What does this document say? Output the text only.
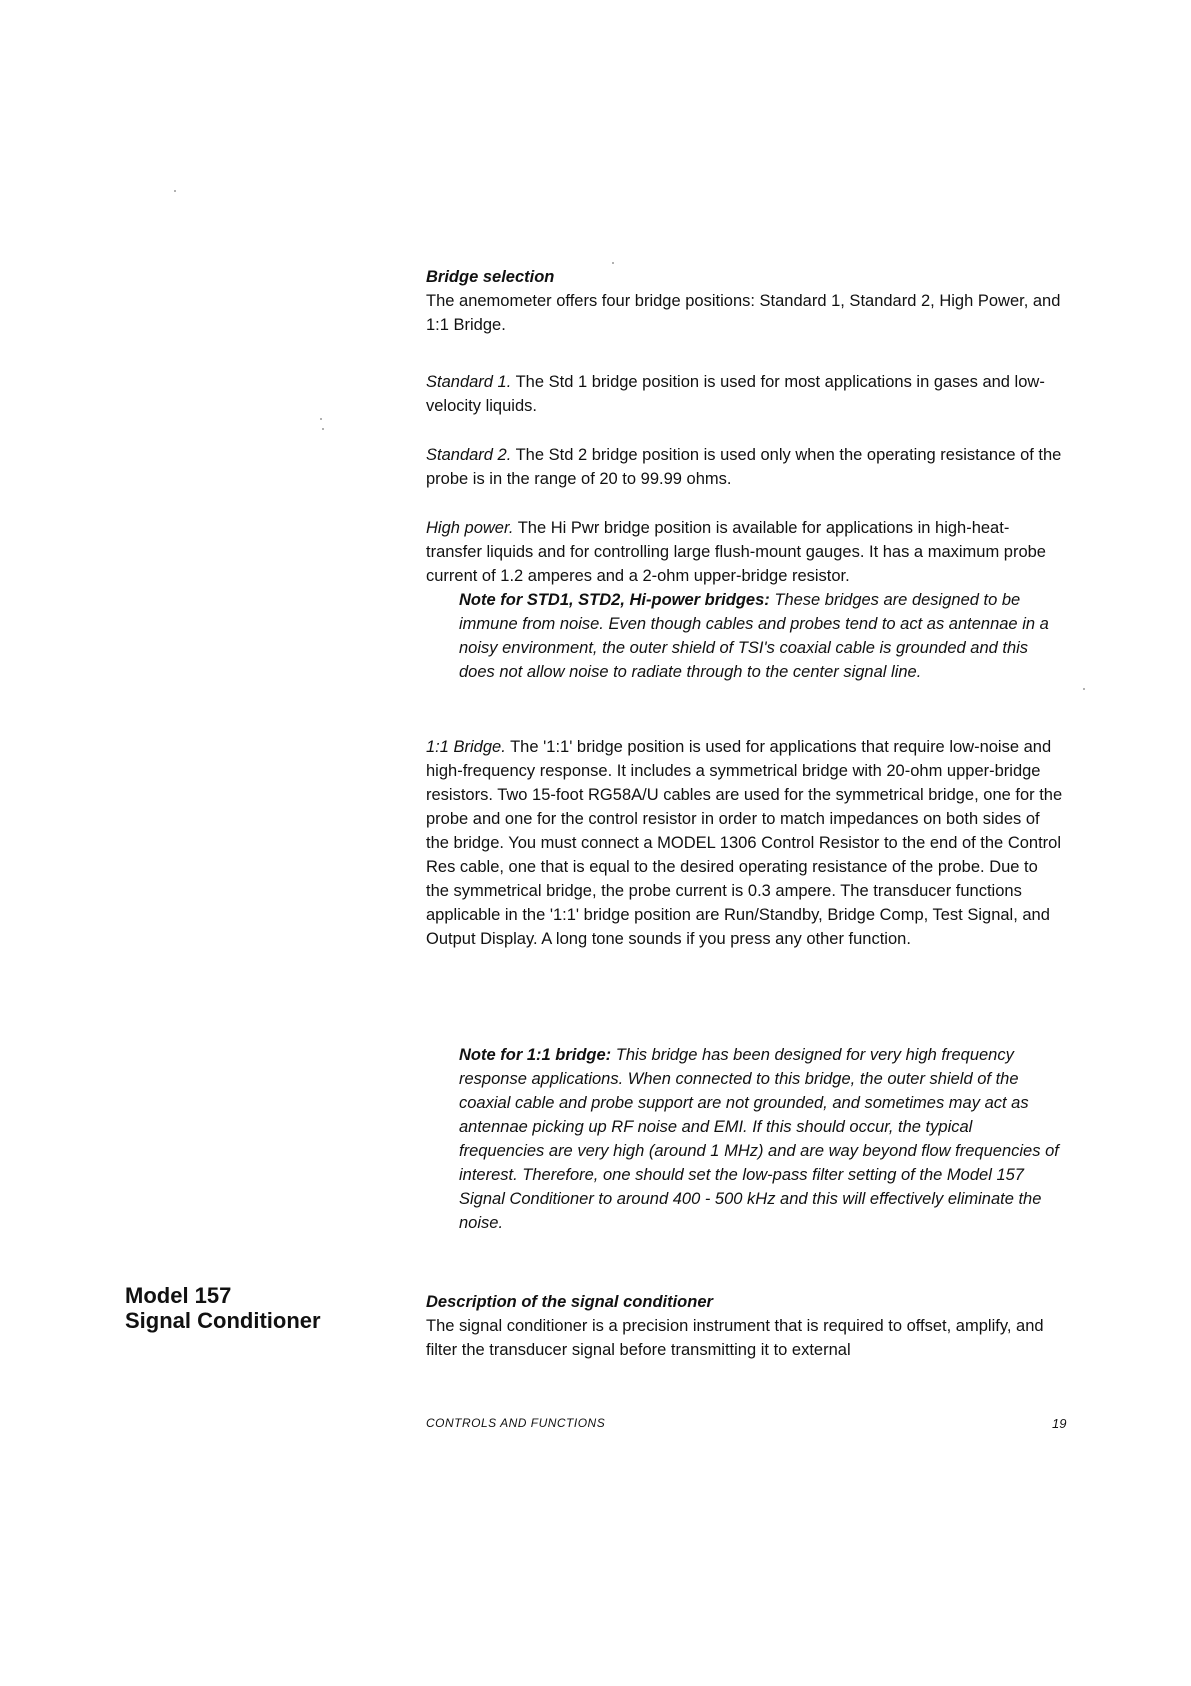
Bridge selection

The anemometer offers four bridge positions: Standard 1, Standard 2, High Power, and 1:1 Bridge.

Standard 1. The Std 1 bridge position is used for most applications in gases and low-velocity liquids.

Standard 2. The Std 2 bridge position is used only when the operating resistance of the probe is in the range of 20 to 99.99 ohms.

High power. The Hi Pwr bridge position is available for applications in high-heat-transfer liquids and for controlling large flush-mount gauges. It has a maximum probe current of 1.2 amperes and a 2-ohm upper-bridge resistor.

Note for STD1, STD2, Hi-power bridges: These bridges are designed to be immune from noise. Even though cables and probes tend to act as antennae in a noisy environment, the outer shield of TSI's coaxial cable is grounded and this does not allow noise to radiate through to the center signal line.

1:1 Bridge. The '1:1' bridge position is used for applications that require low-noise and high-frequency response. It includes a symmetrical bridge with 20-ohm upper-bridge resistors. Two 15-foot RG58A/U cables are used for the symmetrical bridge, one for the probe and one for the control resistor in order to match impedances on both sides of the bridge. You must connect a MODEL 1306 Control Resistor to the end of the Control Res cable, one that is equal to the desired operating resistance of the probe. Due to the symmetrical bridge, the probe current is 0.3 ampere. The transducer functions applicable in the '1:1' bridge position are Run/Standby, Bridge Comp, Test Signal, and Output Display. A long tone sounds if you press any other function.

Note for 1:1 bridge: This bridge has been designed for very high frequency response applications. When connected to this bridge, the outer shield of the coaxial cable and probe support are not grounded, and sometimes may act as antennae picking up RF noise and EMI. If this should occur, the typical frequencies are very high (around 1 MHz) and are way beyond flow frequencies of interest. Therefore, one should set the low-pass filter setting of the Model 157 Signal Conditioner to around 400 - 500 kHz and this will effectively eliminate the noise.

Model 157
Signal Conditioner

Description of the signal conditioner

The signal conditioner is a precision instrument that is required to offset, amplify, and filter the transducer signal before transmitting it to external

CONTROLS AND FUNCTIONS	19
